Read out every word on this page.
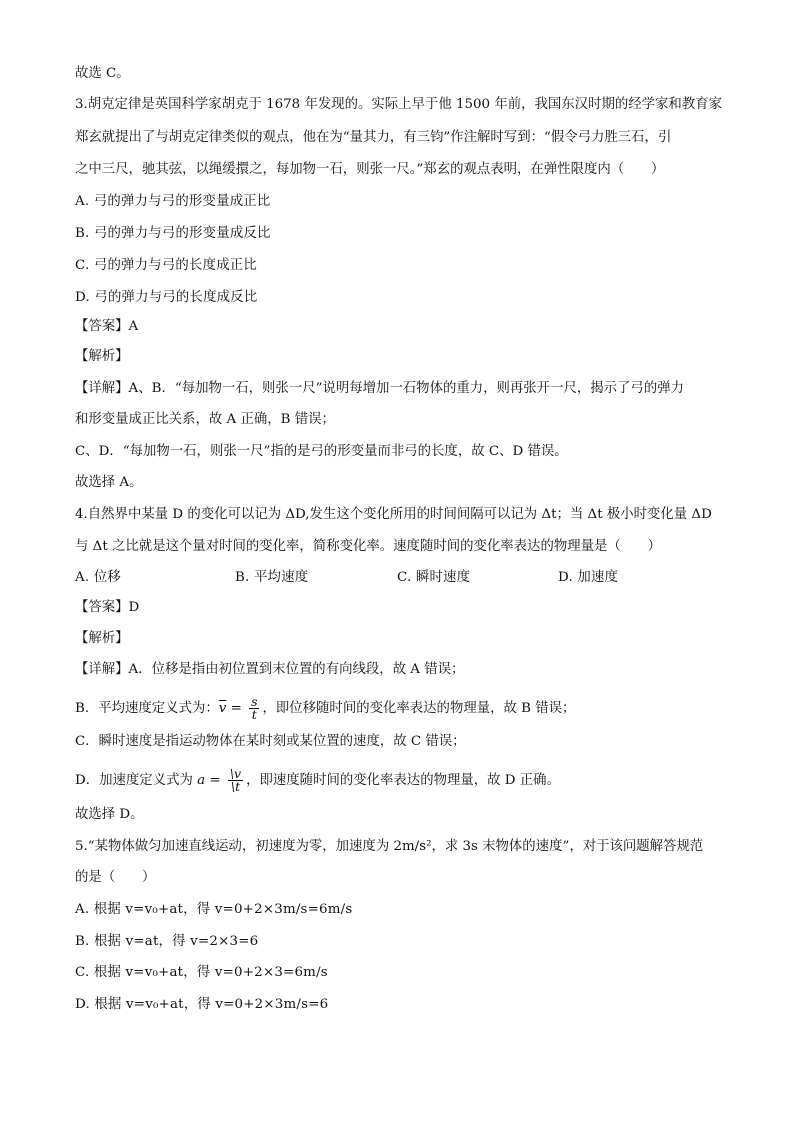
故选 C。
3.胡克定律是英国科学家胡克于 1678 年发现的。实际上早于他 1500 年前，我国东汉时期的经学家和教育家
郑玄就提出了与胡克定律类似的观点，他在为“量其力，有三钧”作注解时写到：“假令弓力胜三石，引
之中三尺，驰其弦，以绳缓擐之，每加物一石，则张一尺。”郑玄的观点表明，在弹性限度内（　　）
A. 弓的弹力与弓的形变量成正比
B. 弓的弹力与弓的形变量成反比
C. 弓的弹力与弓的长度成正比
D. 弓的弹力与弓的长度成反比
【答案】A
【解析】
【详解】A、B．“每加物一石，则张一尺”说明每增加一石物体的重力，则再张开一尺，揭示了弓的弹力
和形变量成正比关系，故 A 正确，B 错误；
C、D．“每加物一石，则张一尺”指的是弓的形变量而非弓的长度，故 C、D 错误。
故选择 A。
4.自然界中某量 D 的变化可以记为 ΔD,发生这个变化所用的时间间隔可以记为 Δt；当 Δt 极小时变化量 ΔD
与 Δt 之比就是这个量对时间的变化率，简称变化率。速度随时间的变化率表达的物理量是（　　）
A. 位移	B. 平均速度	C. 瞬时速度	D. 加速度
【答案】D
【解析】
【详解】A．位移是指由初位置到末位置的有向线段，故 A 错误；
B．平均速度定义式为：$\overline{v} = \frac{s}{t}$ ，即位移随时间的变化率表达的物理量，故 B 错误；
C．瞬时速度是指运动物体在某时刻或某位置的速度，故 C 错误；
D．加速度定义式为 $a = \frac{\backslash v}{\backslash t}$ ，即速度随时间的变化率表达的物理量，故 D 正确。
故选择 D。
5.“某物体做匀加速直线运动，初速度为零，加速度为 2m/s²，求 3s 末物体的速度”，对于该问题解答规范
的是（　　）
A. 根据 v=v₀+at，得 v=0+2×3m/s=6m/s
B. 根据 v=at，得 v=2×3=6
C. 根据 v=v₀+at，得 v=0+2×3=6m/s
D. 根据 v=v₀+at，得 v=0+2×3m/s=6
